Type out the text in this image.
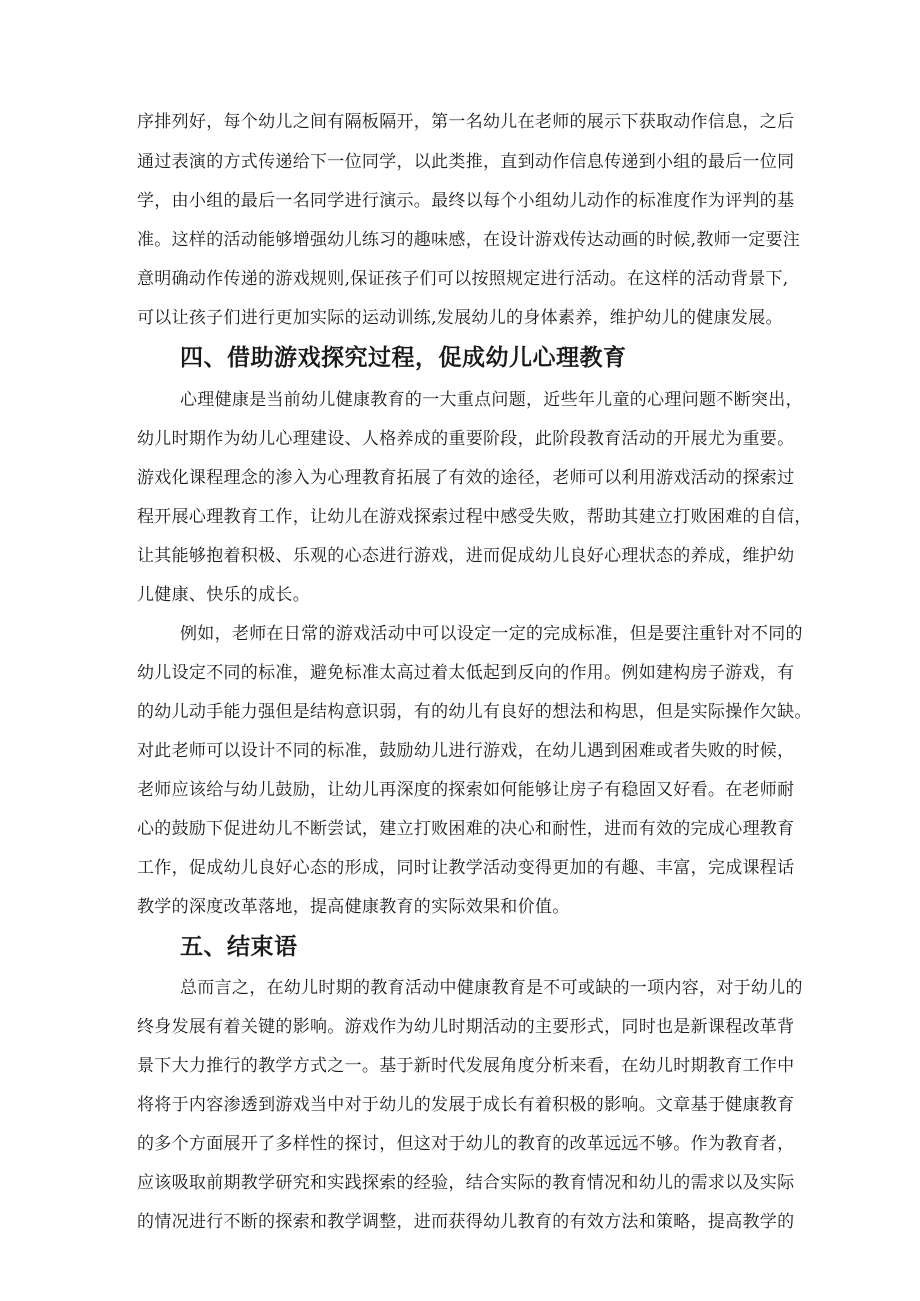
序排列好，每个幼儿之间有隔板隔开，第一名幼儿在老师的展示下获取动作信息，之后
通过表演的方式传递给下一位同学，以此类推，直到动作信息传递到小组的最后一位同
学，由小组的最后一名同学进行演示。最终以每个小组幼儿动作的标准度作为评判的基
准。这样的活动能够增强幼儿练习的趣味感，在设计游戏传达动画的时候,教师一定要注
意明确动作传递的游戏规则,保证孩子们可以按照规定进行活动。在这样的活动背景下,
可以让孩子们进行更加实际的运动训练,发展幼儿的身体素养，维护幼儿的健康发展。
四、借助游戏探究过程，促成幼儿心理教育
心理健康是当前幼儿健康教育的一大重点问题，近些年儿童的心理问题不断突出，
幼儿时期作为幼儿心理建设、人格养成的重要阶段，此阶段教育活动的开展尤为重要。
游戏化课程理念的渗入为心理教育拓展了有效的途径，老师可以利用游戏活动的探索过
程开展心理教育工作，让幼儿在游戏探索过程中感受失败，帮助其建立打败困难的自信，
让其能够抱着积极、乐观的心态进行游戏，进而促成幼儿良好心理状态的养成，维护幼
儿健康、快乐的成长。
例如，老师在日常的游戏活动中可以设定一定的完成标准，但是要注重针对不同的
幼儿设定不同的标准，避免标准太高过着太低起到反向的作用。例如建构房子游戏，有
的幼儿动手能力强但是结构意识弱，有的幼儿有良好的想法和构思，但是实际操作欠缺。
对此老师可以设计不同的标准，鼓励幼儿进行游戏，在幼儿遇到困难或者失败的时候，
老师应该给与幼儿鼓励，让幼儿再深度的探索如何能够让房子有稳固又好看。在老师耐
心的鼓励下促进幼儿不断尝试，建立打败困难的决心和耐性，进而有效的完成心理教育
工作，促成幼儿良好心态的形成，同时让教学活动变得更加的有趣、丰富，完成课程话
教学的深度改革落地，提高健康教育的实际效果和价值。
五、结束语
总而言之，在幼儿时期的教育活动中健康教育是不可或缺的一项内容，对于幼儿的
终身发展有着关键的影响。游戏作为幼儿时期活动的主要形式，同时也是新课程改革背
景下大力推行的教学方式之一。基于新时代发展角度分析来看，在幼儿时期教育工作中
将将于内容渗透到游戏当中对于幼儿的发展于成长有着积极的影响。文章基于健康教育
的多个方面展开了多样性的探讨，但这对于幼儿的教育的改革远远不够。作为教育者，
应该吸取前期教学研究和实践探索的经验，结合实际的教育情况和幼儿的需求以及实际
的情况进行不断的探索和教学调整，进而获得幼儿教育的有效方法和策略，提高教学的
